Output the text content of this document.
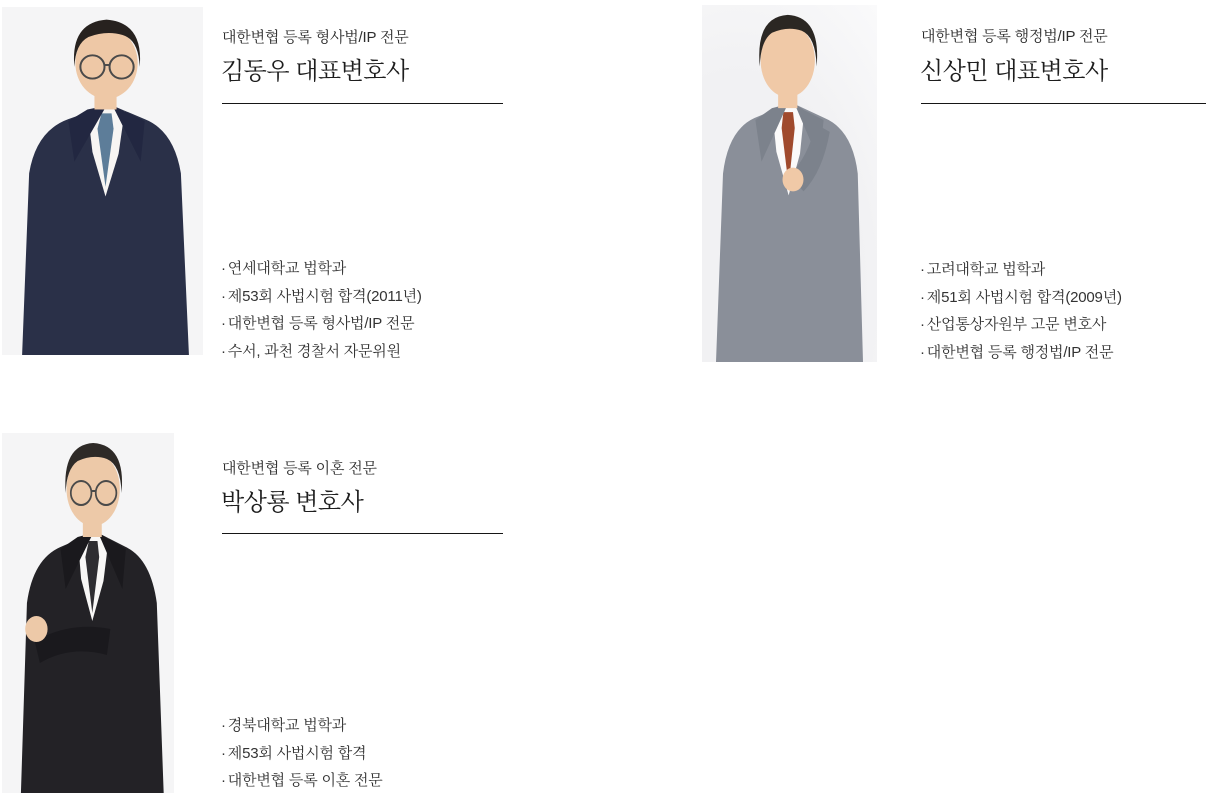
대한변협 등록 형사법/IP 전문
김동우 대표변호사
· 연세대학교 법학과
· 제53회 사법시험 합격(2011년)
· 대한변협 등록 형사법/IP 전문
· 수서, 과천 경찰서 자문위원
대한변협 등록 행정법/IP 전문
신상민 대표변호사
· 고려대학교 법학과
· 제51회 사법시험 합격(2009년)
· 산업통상자원부 고문 변호사
· 대한변협 등록 행정법/IP 전문
대한변협 등록 이혼 전문
박상룡 변호사
· 경북대학교 법학과
· 제53회 사법시험 합격
· 대한변협 등록 이혼 전문
